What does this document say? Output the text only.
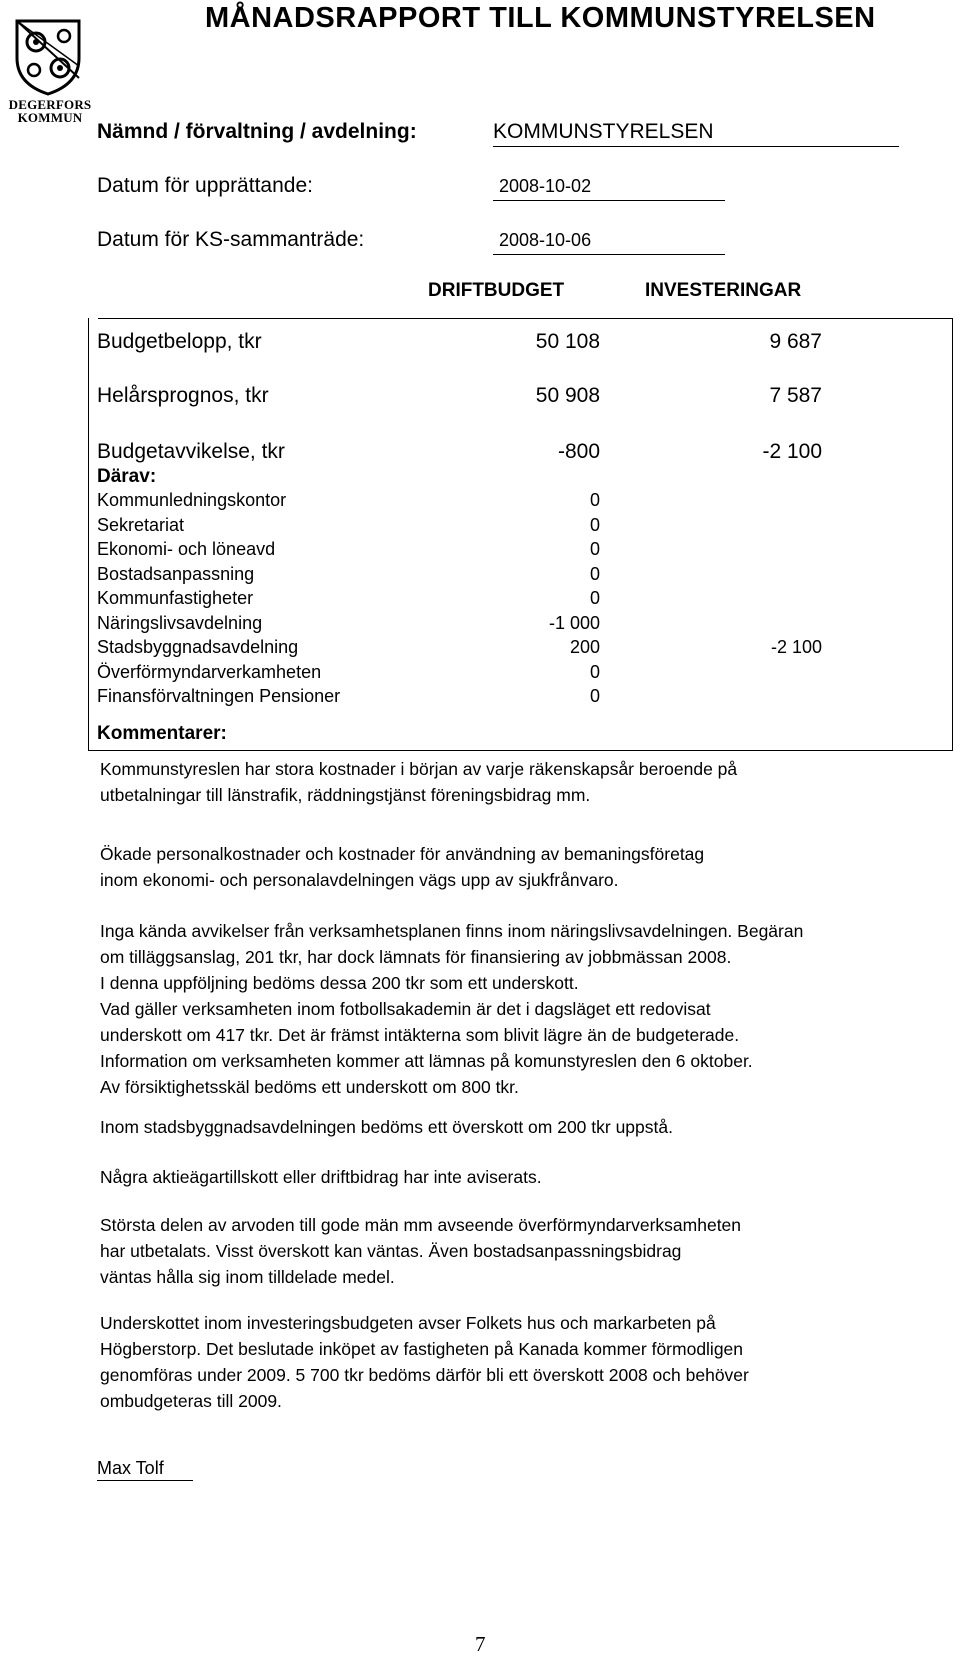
DEGERFORS
KOMMUN
MÅNADSRAPPORT TILL KOMMUNSTYRELSEN
Nämnd / förvaltning / avdelning:	KOMMUNSTYRELSEN
Datum för upprättande:	2008-10-02
Datum för KS-sammanträde:	2008-10-06
DRIFTBUDGET	INVESTERINGAR
Budgetbelopp, tkr	50 108	9 687
Helårsprognos, tkr	50 908	7 587
Budgetavvikelse, tkr	-800	-2 100
Därav:
Kommunledningskontor	0
Sekretariat	0
Ekonomi- och löneavd	0
Bostadsanpassning	0
Kommunfastigheter	0
Näringslivsavdelning	-1 000
Stadsbyggnadsavdelning	200	-2 100
Överförmyndarverkamheten	0
Finansförvaltningen Pensioner	0
Kommentarer:

Kommunstyreslen har stora kostnader i början av varje räkenskapsår beroende på
utbetalningar till länstrafik, räddningstjänst föreningsbidrag mm.

Ökade personalkostnader och kostnader för användning av bemaningsföretag
inom ekonomi- och personalavdelningen vägs upp av sjukfrånvaro.

Inga kända avvikelser från verksamhetsplanen finns inom näringslivsavdelningen. Begäran
om tilläggsanslag, 201 tkr, har dock lämnats för finansiering av jobbmässan 2008.
I denna uppföljning bedöms dessa 200 tkr som ett underskott.
Vad gäller verksamheten inom fotbollsakademin är det i dagsläget ett redovisat
underskott om 417 tkr. Det är främst intäkterna som blivit lägre än de budgeterade.
Information om verksamheten kommer att lämnas på komunstyreslen den 6 oktober.
Av försiktighetsskäl bedöms ett underskott om 800 tkr.

Inom stadsbyggnadsavdelningen bedöms ett överskott om 200 tkr uppstå.

Några aktieägartillskott eller driftbidrag har inte aviserats.

Största delen av arvoden till gode män mm avseende överförmyndarverksamheten
har utbetalats. Visst överskott kan väntas. Även bostadsanpassningsbidrag
väntas hålla sig inom tilldelade medel.

Underskottet inom investeringsbudgeten avser Folkets hus och markarbeten på
Högberstorp. Det beslutade inköpet av fastigheten på Kanada kommer förmodligen
genomföras under 2009. 5 700 tkr bedöms därför bli ett överskott 2008 och behöver
ombudgeteras till 2009.

Max Tolf
7
